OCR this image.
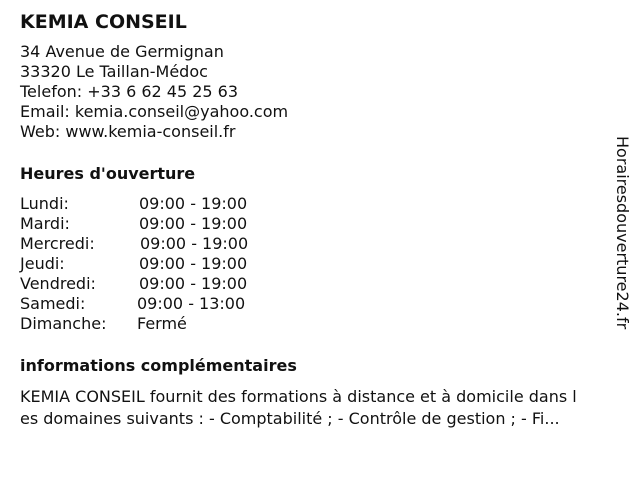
KEMIA CONSEIL
34 Avenue de Germignan
33320 Le Taillan-Médoc
Telefon: +33 6 62 45 25 63
Email: kemia.conseil@yahoo.com
Web: www.kemia-conseil.fr
Heures d'ouverture
Lundi:	09:00 - 19:00
Mardi:	09:00 - 19:00
Mercredi:	09:00 - 19:00
Jeudi:	09:00 - 19:00
Vendredi:	09:00 - 19:00
Samedi:	09:00 - 13:00
Dimanche: Fermé
informations complémentaires
KEMIA CONSEIL fournit des formations à distance et à domicile dans l
es domaines suivants : - Comptabilité ; - Contrôle de gestion ; - Fi...
Horairesdouverture24.fr
